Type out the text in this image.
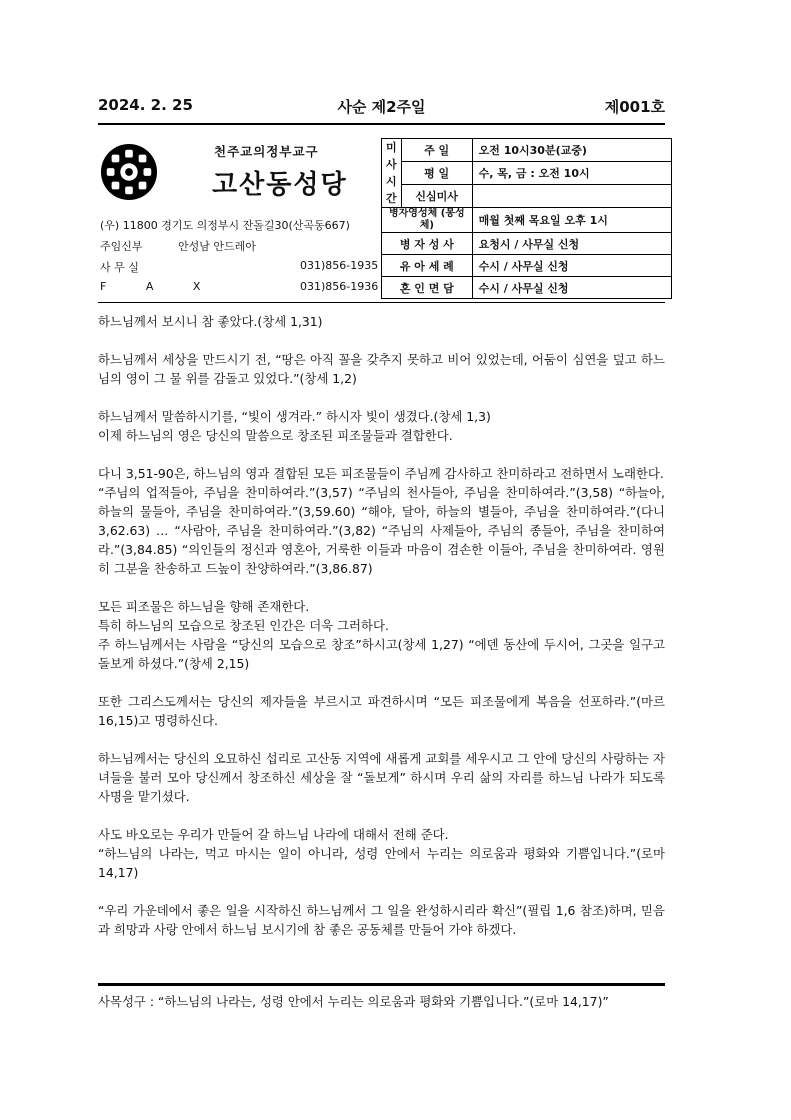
2024. 2. 25	사순 제2주일	제001호
천주교의정부교구
고산동성당
(우) 11800 경기도 의정부시 잔돌길30(산곡동667)
주임신부	안성남 안드레아
사 무 실	031)856-1935
F A X	031)856-1936
미
사
시
간	주 일	오전 10시30분(교중)
	평 일	수, 목, 금 : 오전 10시
	신심미사	
병자영성체 (봉성체)		매월 첫째 목요일 오후 1시
병 자 성 사		요청시 / 사무실 신청
유 아 세 례		수시 / 사무실 신청
혼 인 면 담		수시 / 사무실 신청

하느님께서 보시니 참 좋았다.(창세 1,31)

하느님께서 세상을 만드시기 전, “땅은 아직 꼴을 갖추지 못하고 비어 있었는데, 어둠이 심연을 덮고 하느님의 영이 그 물 위를 감돌고 있었다.”(창세 1,2)

하느님께서 말씀하시기를, “빛이 생겨라.” 하시자 빛이 생겼다.(창세 1,3)
이제 하느님의 영은 당신의 말씀으로 창조된 피조물들과 결합한다.

다니 3,51-90은, 하느님의 영과 결합된 모든 피조물들이 주님께 감사하고 찬미하라고 전하면서 노래한다.
“주님의 업적들아, 주님을 찬미하여라.”(3,57) “주님의 천사들아, 주님을 찬미하여라.”(3,58) “하늘아, 하늘의 물들아, 주님을 찬미하여라.”(3,59.60) “해야, 달아, 하늘의 별들아, 주님을 찬미하여라.”(다니 3,62.63) … “사람아, 주님을 찬미하여라.”(3,82) “주님의 사제들아, 주님의 종들아, 주님을 찬미하여라.”(3,84.85) “의인들의 정신과 영혼아, 거룩한 이들과 마음이 겸손한 이들아, 주님을 찬미하여라. 영원히 그분을 찬송하고 드높이 찬양하여라.”(3,86.87)

모든 피조물은 하느님을 향해 존재한다.
특히 하느님의 모습으로 창조된 인간은 더욱 그러하다.
주 하느님께서는 사람을 “당신의 모습으로 창조”하시고(창세 1,27) “에덴 동산에 두시어, 그곳을 일구고 돌보게 하셨다.”(창세 2,15)

또한 그리스도께서는 당신의 제자들을 부르시고 파견하시며 “모든 피조물에게 복음을 선포하라.”(마르 16,15)고 명령하신다.

하느님께서는 당신의 오묘하신 섭리로 고산동 지역에 새롭게 교회를 세우시고 그 안에 당신의 사랑하는 자녀들을 불러 모아 당신께서 창조하신 세상을 잘 “돌보게” 하시며 우리 삶의 자리를 하느님 나라가 되도록 사명을 맡기셨다.

사도 바오로는 우리가 만들어 갈 하느님 나라에 대해서 전해 준다.
“하느님의 나라는, 먹고 마시는 일이 아니라, 성령 안에서 누리는 의로움과 평화와 기쁨입니다.”(로마 14,17)

“우리 가운데에서 좋은 일을 시작하신 하느님께서 그 일을 완성하시리라 확신”(필립 1,6 참조)하며, 믿음과 희망과 사랑 안에서 하느님 보시기에 참 좋은 공동체를 만들어 가야 하겠다.

사목성구 : “하느님의 나라는, 성령 안에서 누리는 의로움과 평화와 기쁨입니다.”(로마 14,17)”
